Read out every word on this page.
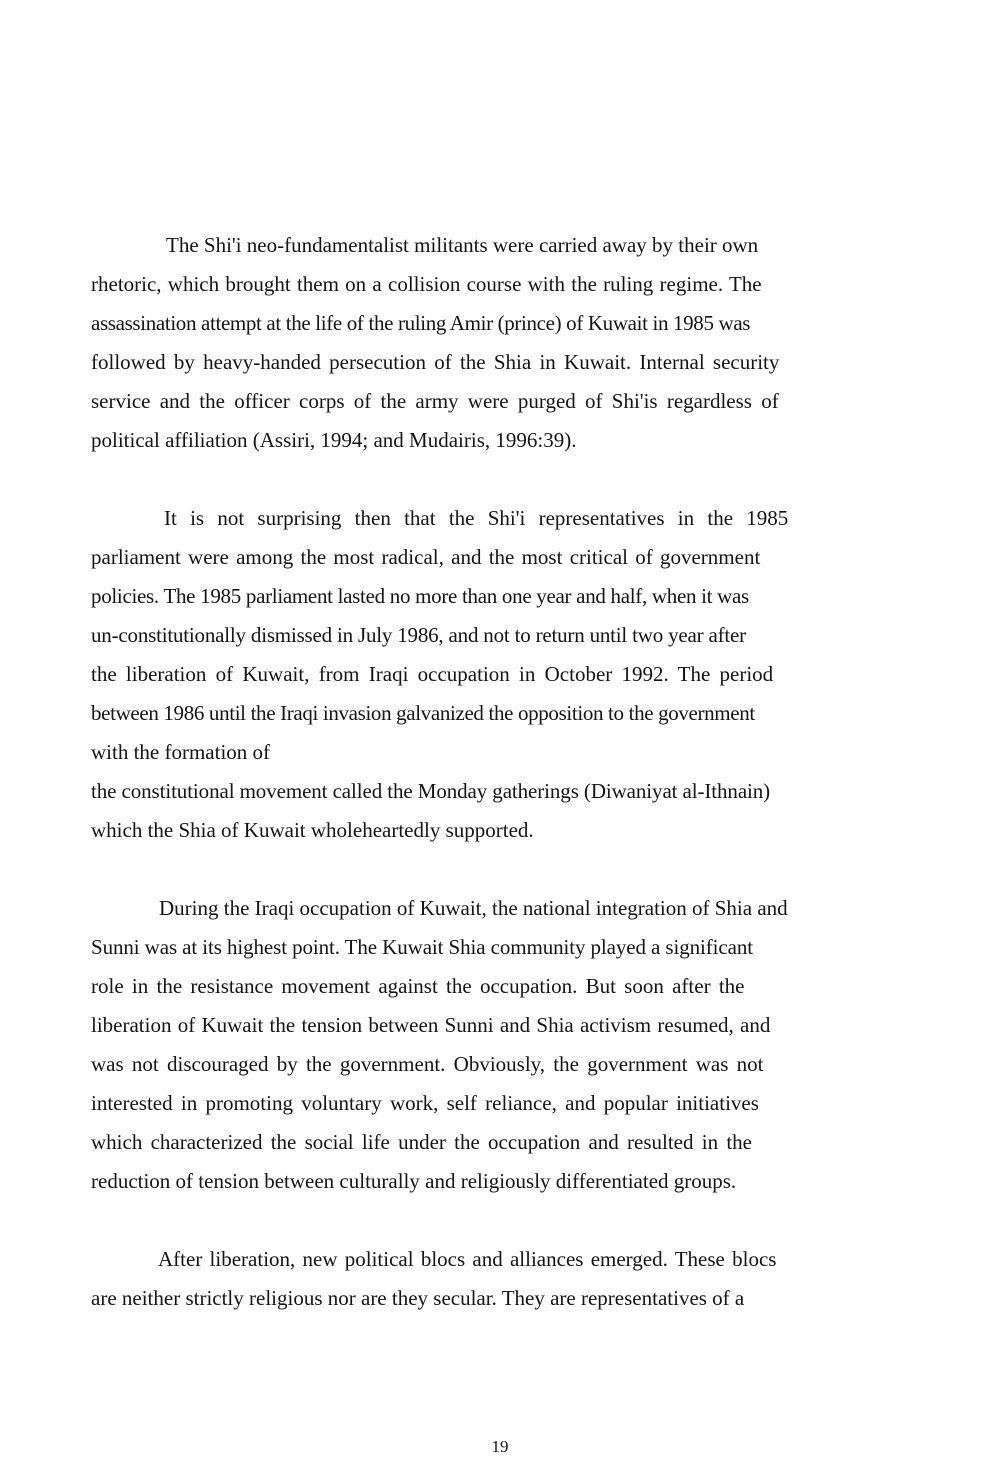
The Shi'i neo-fundamentalist militants were carried away by their own
rhetoric, which brought them on a collision course with the ruling regime. The
assassination attempt at the life of the ruling Amir (prince) of Kuwait in 1985 was
followed by heavy-handed persecution of the Shia in Kuwait. Internal security
service and the officer corps of the army were purged of Shi'is regardless of
political affiliation (Assiri, 1994; and Mudairis, 1996:39).
It is not surprising then that the Shi'i representatives in the 1985
parliament were among the most radical, and the most critical of government
policies. The 1985 parliament lasted no more than one year and half, when it was
un-constitutionally dismissed in July 1986, and not to return until two year after
the liberation of Kuwait, from Iraqi occupation in October 1992. The period
between 1986 until the Iraqi invasion galvanized the opposition to the government
with the formation of
the constitutional movement called the Monday gatherings (Diwaniyat al-Ithnain)
which the Shia of Kuwait wholeheartedly supported.
During the Iraqi occupation of Kuwait, the national integration of Shia and
Sunni was at its highest point. The Kuwait Shia community played a significant
role in the resistance movement against the occupation. But soon after the
liberation of Kuwait the tension between Sunni and Shia activism resumed, and
was not discouraged by the government. Obviously, the government was not
interested in promoting voluntary work, self reliance, and popular initiatives
which characterized the social life under the occupation and resulted in the
reduction of tension between culturally and religiously differentiated groups.
After liberation, new political blocs and alliances emerged. These blocs
are neither strictly religious nor are they secular. They are representatives of a
19
